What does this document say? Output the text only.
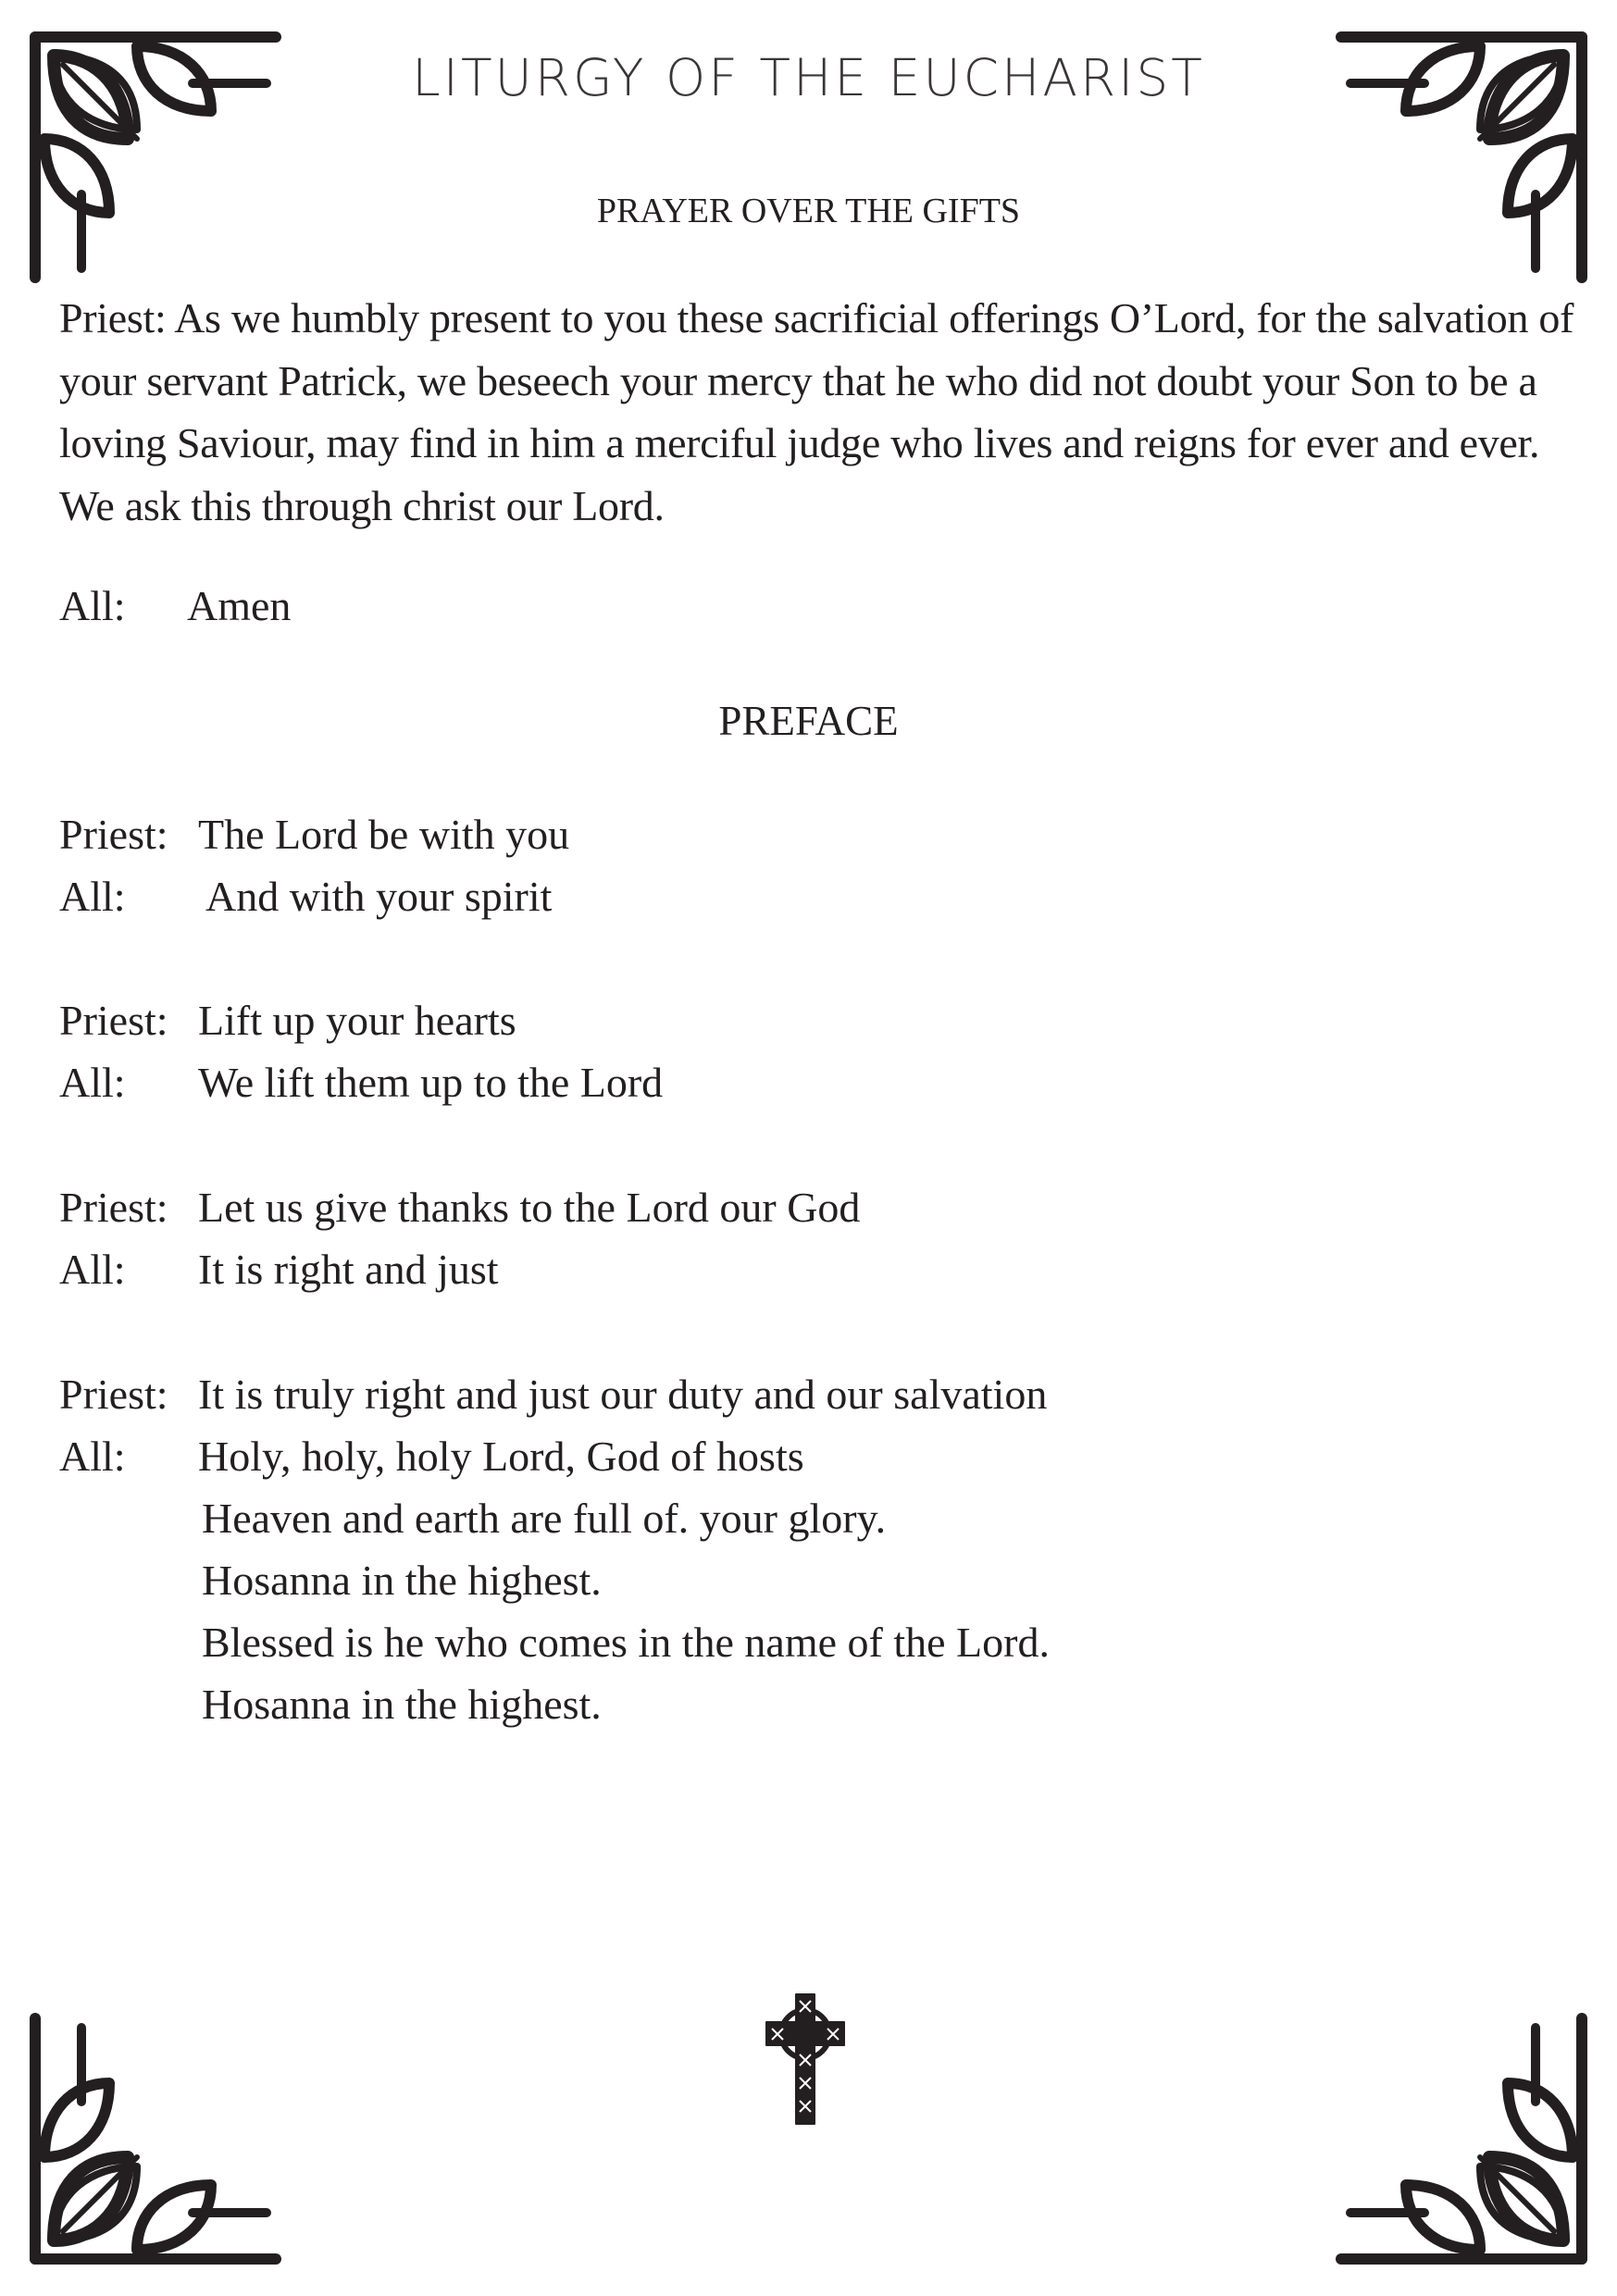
LITURGY OF THE EUCHARIST
PRAYER OVER THE GIFTS
Priest: As we humbly present to you these sacrificial offerings O’Lord, for the salvation of your servant Patrick, we beseech your mercy that he who did not doubt your Son to be a loving Saviour, may find in him a merciful judge who lives and reigns for ever and ever. We ask this through christ our Lord.
All: Amen
PREFACE
Priest: The Lord be with you
All: And with your spirit
Priest: Lift up your hearts
All: We lift them up to the Lord
Priest: Let us give thanks to the Lord our God
All: It is right and just
Priest: It is truly right and just our duty and our salvation
All: Holy, holy, holy Lord, God of hosts
Heaven and earth are full of. your glory.
Hosanna in the highest.
Blessed is he who comes in the name of the Lord.
Hosanna in the highest.
